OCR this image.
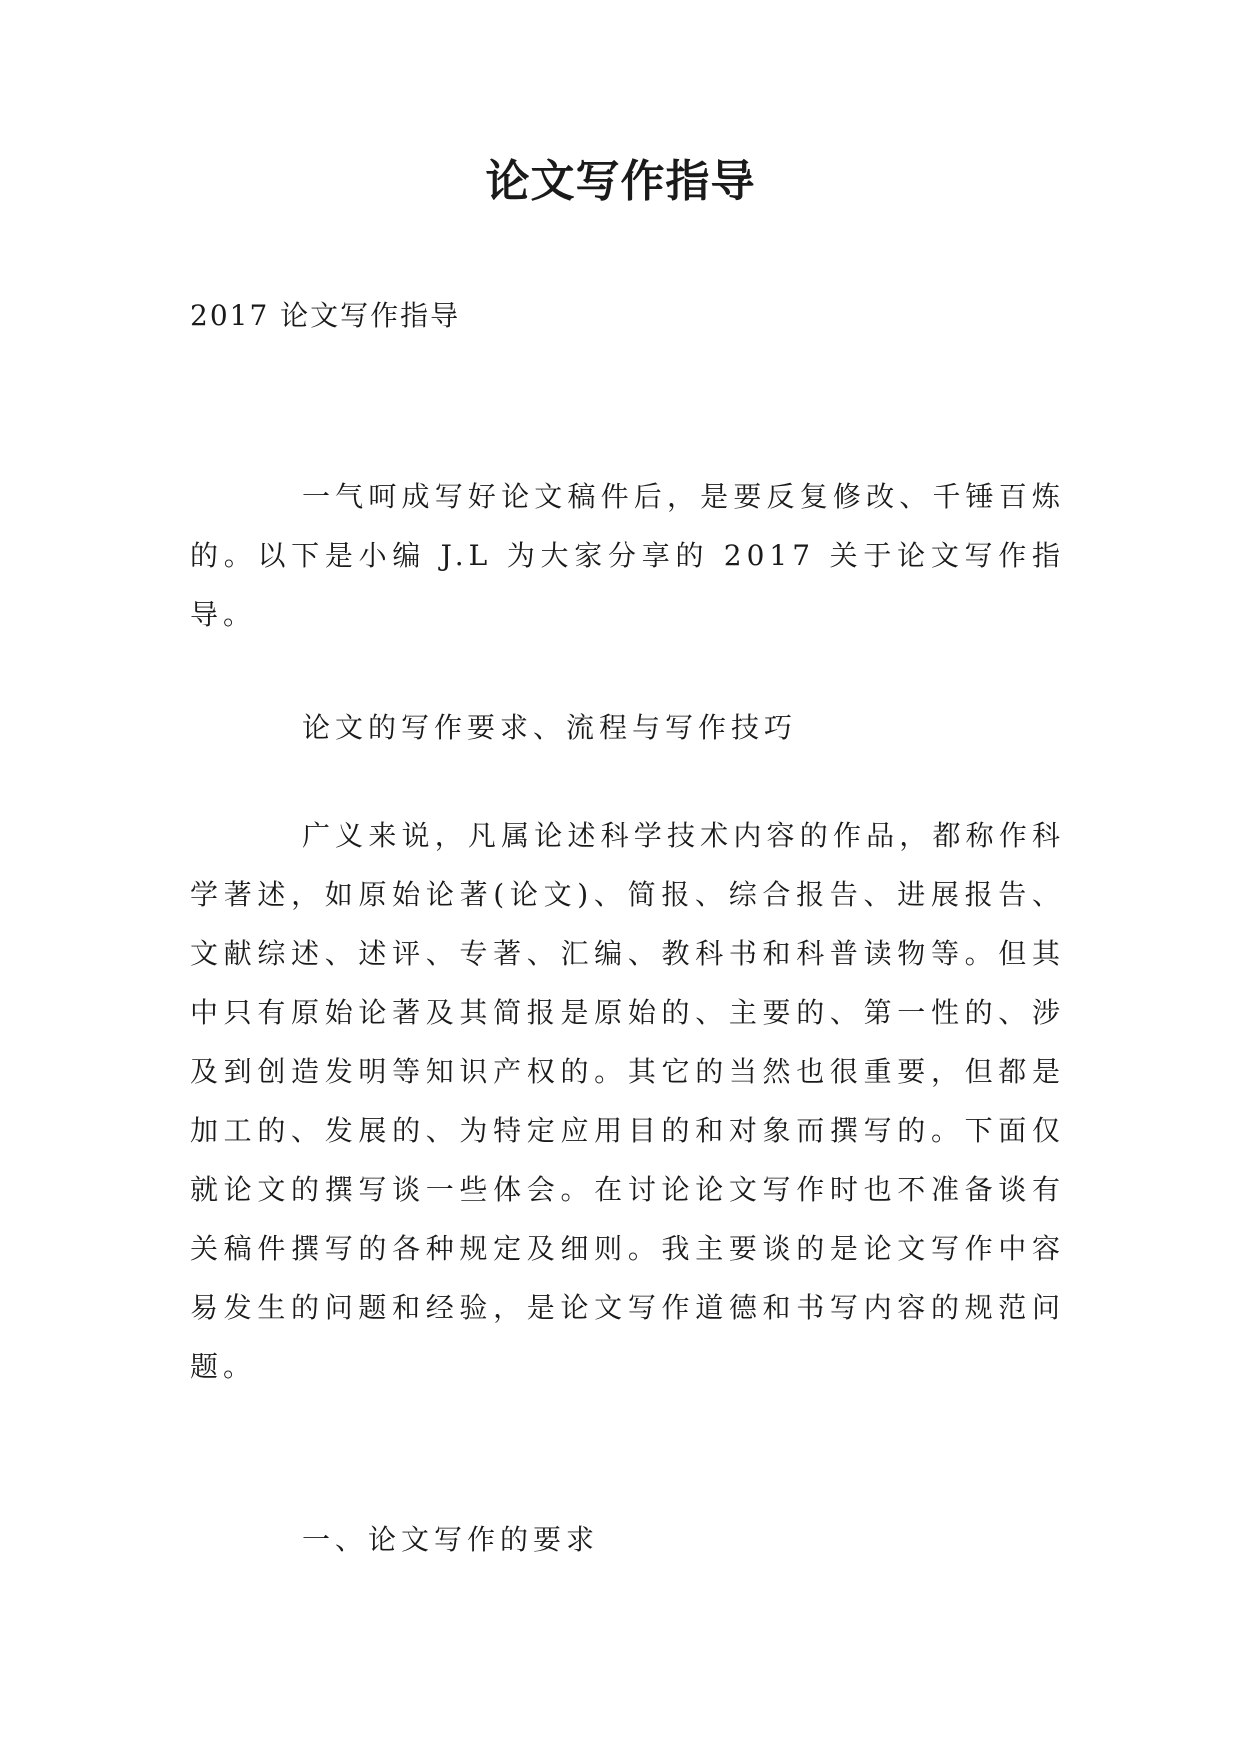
论文写作指导

2017 论文写作指导

一气呵成写好论文稿件后，是要反复修改、千锤百炼的。以下是小编 J.L 为大家分享的 2017 关于论文写作指导。

论文的写作要求、流程与写作技巧

广义来说，凡属论述科学技术内容的作品，都称作科学著述，如原始论著(论文)、简报、综合报告、进展报告、文献综述、述评、专著、汇编、教科书和科普读物等。但其中只有原始论著及其简报是原始的、主要的、第一性的、涉及到创造发明等知识产权的。其它的当然也很重要，但都是加工的、发展的、为特定应用目的和对象而撰写的。下面仅就论文的撰写谈一些体会。在讨论论文写作时也不准备谈有关稿件撰写的各种规定及细则。我主要谈的是论文写作中容易发生的问题和经验，是论文写作道德和书写内容的规范问题。

一、论文写作的要求
